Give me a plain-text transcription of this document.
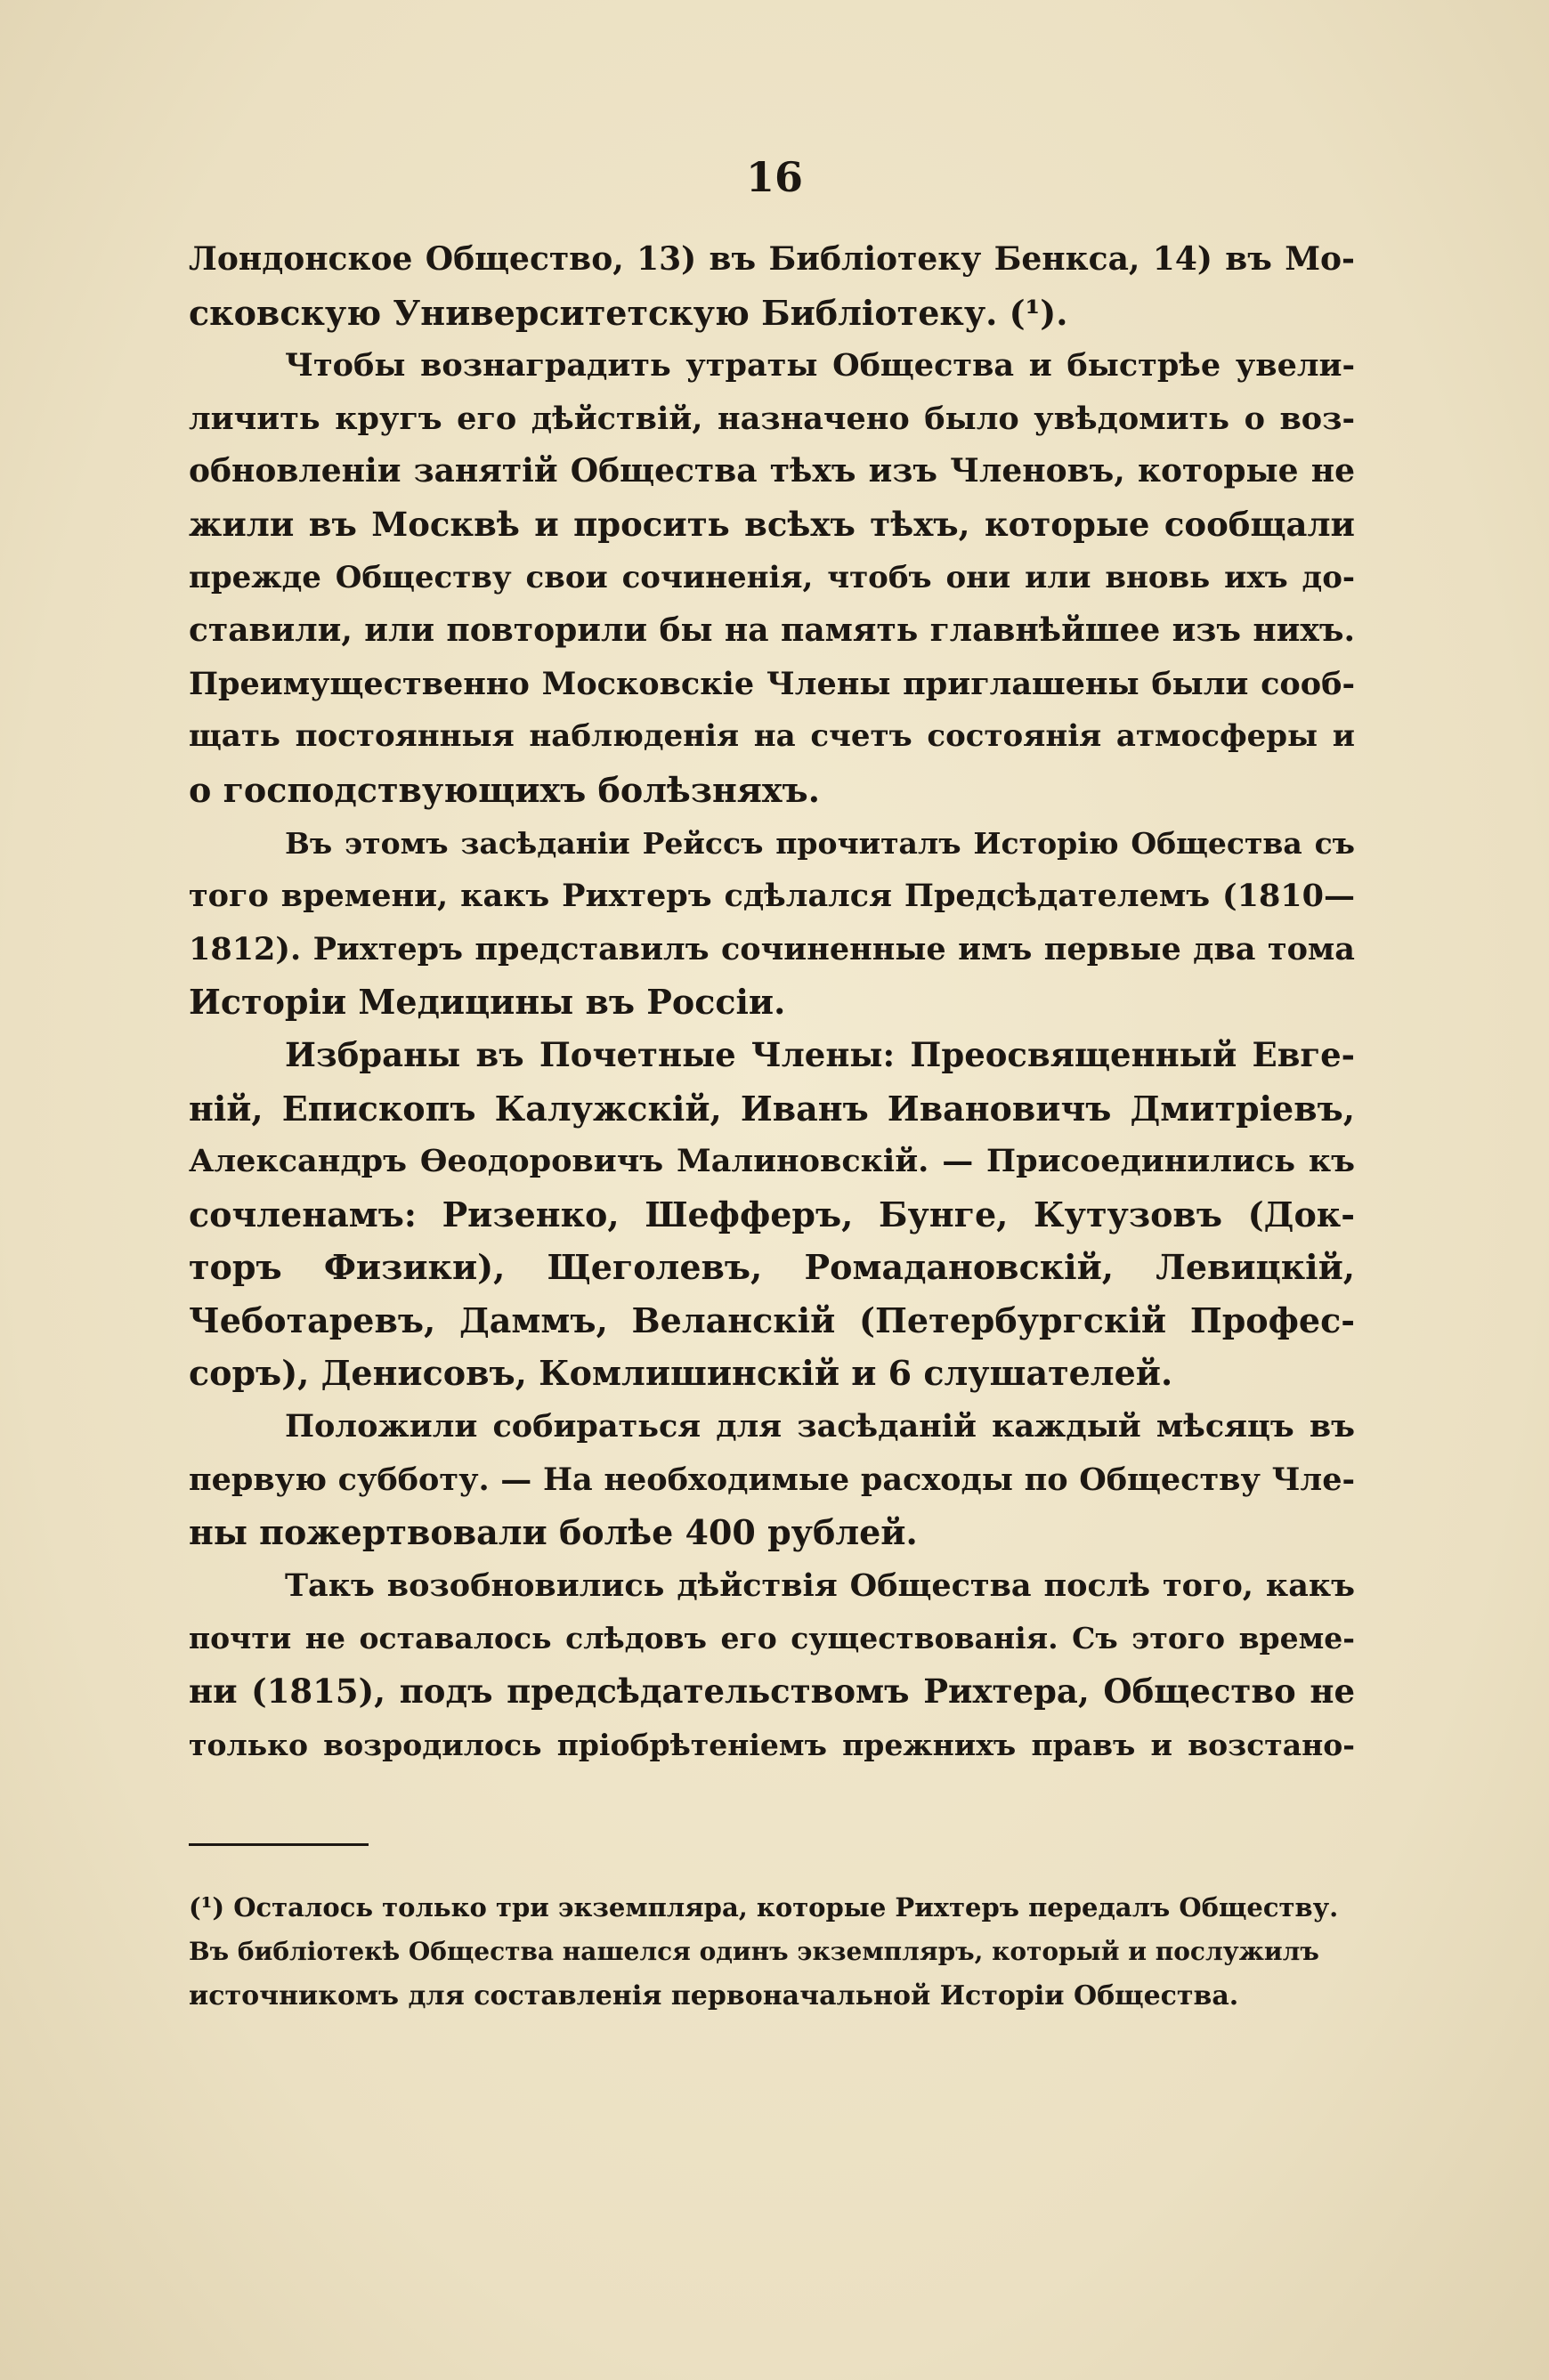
16
Лондонское Общество, 13) въ Библіотеку Бенкса, 14) въ Мо-
сковскую Университетскую Библіотеку. (¹).
Чтобы вознаградить утраты Общества и быстрѣе увели-
личить кругъ его дѣйствій, назначено было увѣдомить о воз-
обновленіи занятій Общества тѣхъ изъ Членовъ, которые не
жили въ Москвѣ и просить всѣхъ тѣхъ, которые сообщали
прежде Обществу свои сочиненія, чтобъ они или вновь ихъ до-
ставили, или повторили бы на память главнѣйшее изъ нихъ.
Преимущественно Московскіе Члены приглашены были сооб-
щать постоянныя наблюденія на счетъ состоянія атмосферы и
о господствующихъ болѣзняхъ.
Въ этомъ засѣданіи Рейссъ прочиталъ Исторію Общества съ
того времени, какъ Рихтеръ сдѣлался Предсѣдателемъ (1810—
1812). Рихтеръ представилъ сочиненные имъ первые два тома
Исторіи Медицины въ Россіи.
Избраны въ Почетные Члены: Преосвященный Евге-
ній, Епископъ Калужскій, Иванъ Ивановичъ Дмитріевъ,
Александръ Ѳеодоровичъ Малиновскій. — Присоединились къ
сочленамъ: Ризенко, Шефферъ, Бунге, Кутузовъ (Док-
торъ Физики), Щеголевъ, Ромадановскій, Левицкій,
Чеботаревъ, Даммъ, Веланскій (Петербургскій Профес-
соръ), Денисовъ, Комлишинскій и 6 слушателей.
Положили собираться для засѣданій каждый мѣсяцъ въ
первую субботу. — На необходимые расходы по Обществу Чле-
ны пожертвовали болѣе 400 рублей.
Такъ возобновились дѣйствія Общества послѣ того, какъ
почти не оставалось слѣдовъ его существованія. Съ этого време-
ни (1815), подъ предсѣдательствомъ Рихтера, Общество не
только возродилось пріобрѣтеніемъ прежнихъ правъ и возстано-
(¹) Осталось только три экземпляра, которые Рихтеръ передалъ Обществу.
Въ библіотекѣ Общества нашелся одинъ экземпляръ, который и послужилъ
источникомъ для составленія первоначальной Исторіи Общества.
